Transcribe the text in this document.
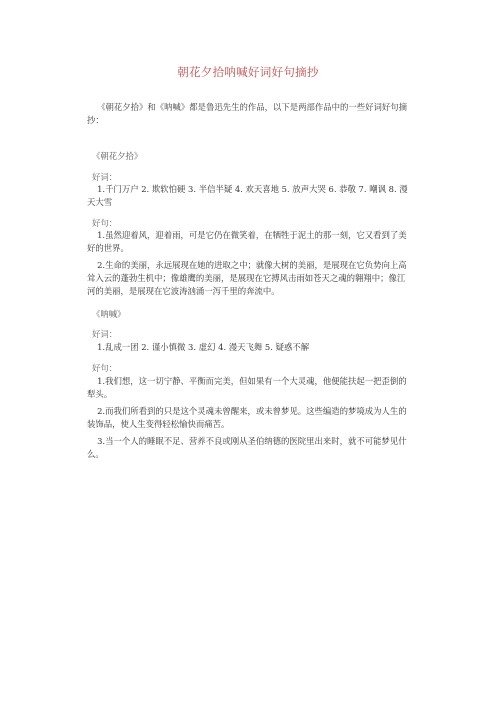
朝花夕拾呐喊好词好句摘抄
《朝花夕拾》和《呐喊》都是鲁迅先生的作品，以下是两部作品中的一些好词好句摘抄：
《朝花夕拾》
好词：

1.千门万户 2. 欺软怕硬 3. 半信半疑 4. 欢天喜地 5. 放声大哭 6. 恭敬 7. 嘲讽 8. 漫天大雪

好句：

1.虽然迎着风，迎着雨，可是它仍在微笑着，在牺牲于泥土的那一刻，它又看到了美好的世界。

2.生命的美丽，永远展现在她的进取之中；就像大树的美丽，是展现在它负势向上高耸入云的蓬勃生机中；像雄鹰的美丽，是展现在它搏风击雨如苍天之魂的翱翔中；像江河的美丽，是展现在它波涛汹涌一泻千里的奔流中。

《呐喊》
好词：

1.乱成一团 2. 谨小慎微 3. 虚幻 4. 漫天飞舞 5. 疑惑不解

好句：

1.我们想，这一切宁静、平衡而完美，但如果有一个大灵魂，他便能扶起一把歪倒的犁头。

2.而我们所看到的只是这个灵魂未曾醒来，或未曾梦见。这些编造的梦境成为人生的装饰品，使人生变得轻松愉快而痛苦。

3.当一个人的睡眠不足、营养不良或刚从圣伯纳德的医院里出来时，就不可能梦见什么。
